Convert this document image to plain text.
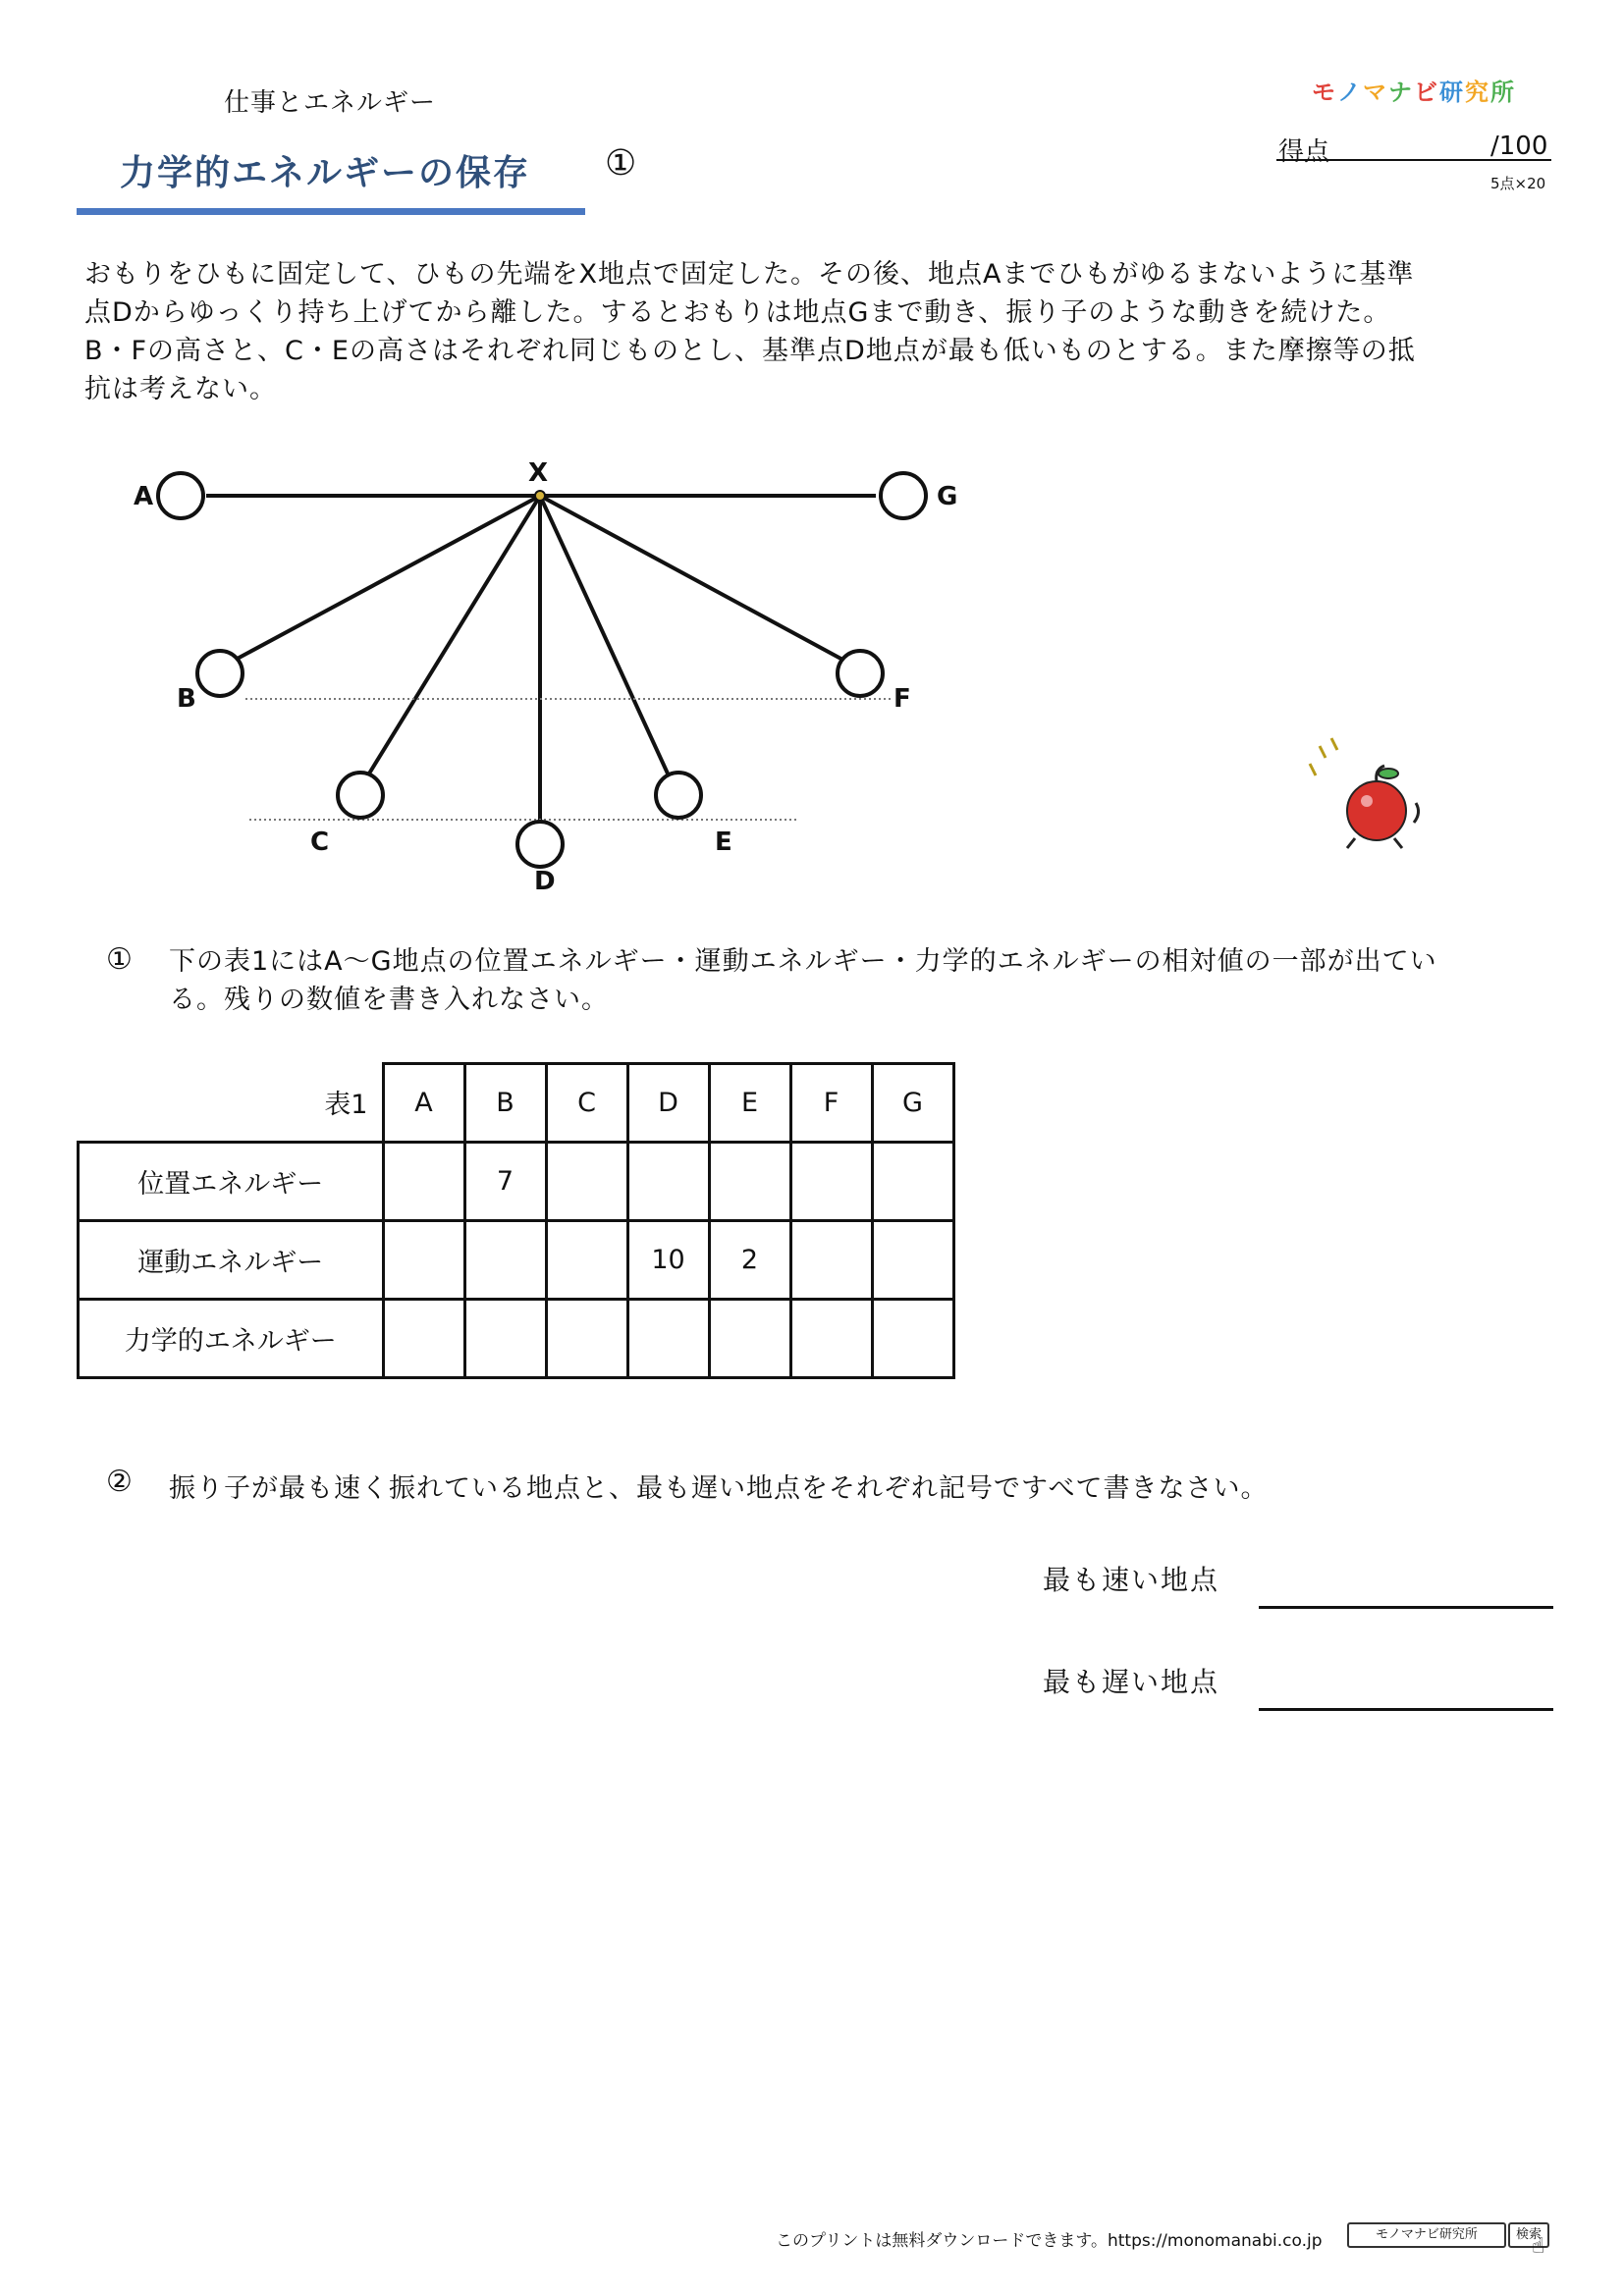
仕事とエネルギー
力学的エネルギーの保存 ①
モノマナビ研究所
得点	/100
5点×20

おもりをひもに固定して、ひもの先端をX地点で固定した。その後、地点Aまでひもがゆるまないように基準

点Dからゆっくり持ち上げてから離した。するとおもりは地点Gまで動き、振り子のような動きを続けた。

B・Fの高さと、C・Eの高さはそれぞれ同じものとし、基準点D地点が最も低いものとする。また摩擦等の抵

抗は考えない。

X
A	G
B	F
C	E
D
① 下の表1にはA～G地点の位置エネルギー・運動エネルギー・力学的エネルギーの相対値の一部が出てい
る。残りの数値を書き入れなさい。
表1	A	B	C	D	E	F	G
位置エネルギー		7					
運動エネルギー				10	2		
力学的エネルギー							
② 振り子が最も速く振れている地点と、最も遅い地点をそれぞれ記号ですべて書きなさい。
最も速い地点
最も遅い地点
このプリントは無料ダウンロードできます。https://monomanabi.co.jp	モノマナビ研究所	検索
☝
